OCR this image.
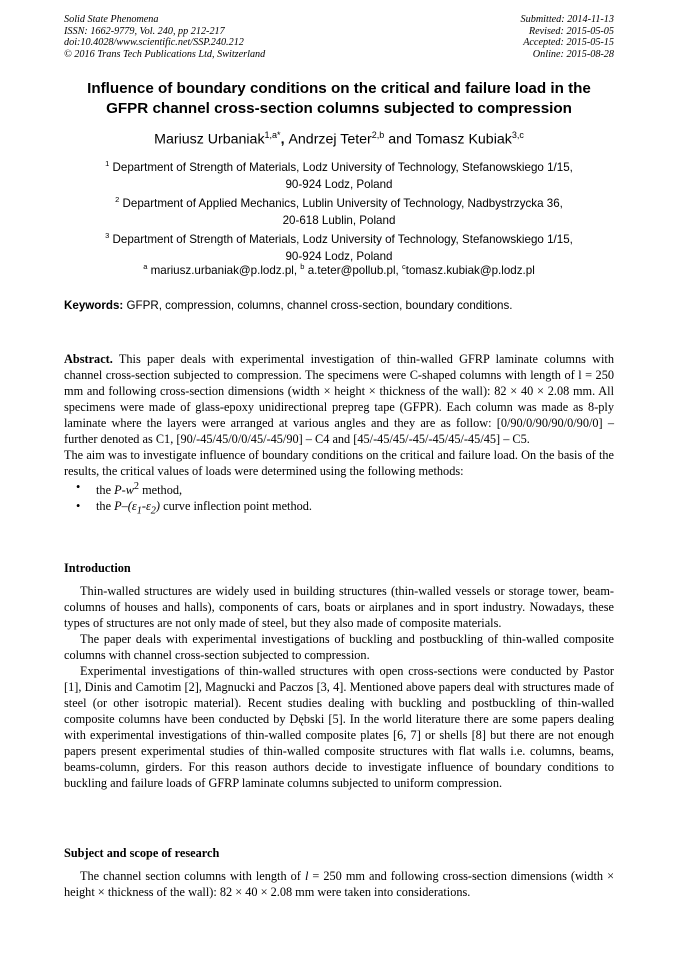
Solid State Phenomena
ISSN: 1662-9779, Vol. 240, pp 212-217
doi:10.4028/www.scientific.net/SSP.240.212
© 2016 Trans Tech Publications Ltd, Switzerland
Submitted: 2014-11-13
Revised: 2015-05-05
Accepted: 2015-05-15
Online: 2015-08-28
Influence of boundary conditions on the critical and failure load in the
GFPR channel cross-section columns subjected to compression
Mariusz Urbaniak$^{1,a*}$, Andrzej Teter$^{2,b}$ and Tomasz Kubiak$^{3,c}$
$^1$ Department of Strength of Materials, Lodz University of Technology, Stefanowskiego 1/15,
90-924 Lodz, Poland
$^2$ Department of Applied Mechanics, Lublin University of Technology, Nadbystrzycka 36,
20-618 Lublin, Poland
$^3$ Department of Strength of Materials, Lodz University of Technology, Stefanowskiego 1/15,
90-924 Lodz, Poland
$^a$ mariusz.urbaniak@p.lodz.pl, $^b$ a.teter@pollub.pl, $^c$tomasz.kubiak@p.lodz.pl
Keywords: GFPR, compression, columns, channel cross-section, boundary conditions.

Abstract. This paper deals with experimental investigation of thin-walled GFRP laminate columns with channel cross-section subjected to compression. The specimens were C-shaped columns with length of l = 250 mm and following cross-section dimensions (width × height × thickness of the wall): 82 × 40 × 2.08 mm. All specimens were made of glass-epoxy unidirectional prepreg tape (GFPR). Each column was made as 8-ply laminate where the layers were arranged at various angles and they are as follow: [0/90/0/90/90/0/90/0] – further denoted as C1, [90/-45/45/0/0/45/-45/90] – C4 and [45/-45/45/-45/-45/45/-45/45] – C5.

The aim was to investigate influence of boundary conditions on the critical and failure load. On the basis of the results, the critical values of loads were determined using the following methods:

• the $P-w^2$ method,
• the $P-(\varepsilon_1-\varepsilon_2)$ curve inflection point method.
Introduction

Thin-walled structures are widely used in building structures (thin-walled vessels or storage tower, beam-columns of houses and halls), components of cars, boats or airplanes and in sport industry. Nowadays, these types of structures are not only made of steel, but they also made of composite materials.

The paper deals with experimental investigations of buckling and postbuckling of thin-walled composite columns with channel cross-section subjected to compression.

Experimental investigations of thin-walled structures with open cross-sections were conducted by Pastor [1], Dinis and Camotim [2], Magnucki and Paczos [3, 4]. Mentioned above papers deal with structures made of steel (or other isotropic material). Recent studies dealing with buckling and postbuckling of thin-walled composite columns have been conducted by Dębski [5]. In the world literature there are some papers dealing with experimental investigations of thin-walled composite plates [6, 7] or shells [8] but there are not enough papers present experimental studies of thin-walled composite structures with flat walls i.e. columns, beams, beams-column, girders. For this reason authors decide to investigate influence of boundary conditions to buckling and failure loads of GFRP laminate columns subjected to uniform compression.

Subject and scope of research

The channel section columns with length of l = 250 mm and following cross-section dimensions (width × height × thickness of the wall): 82 × 40 × 2.08 mm were taken into considerations.
